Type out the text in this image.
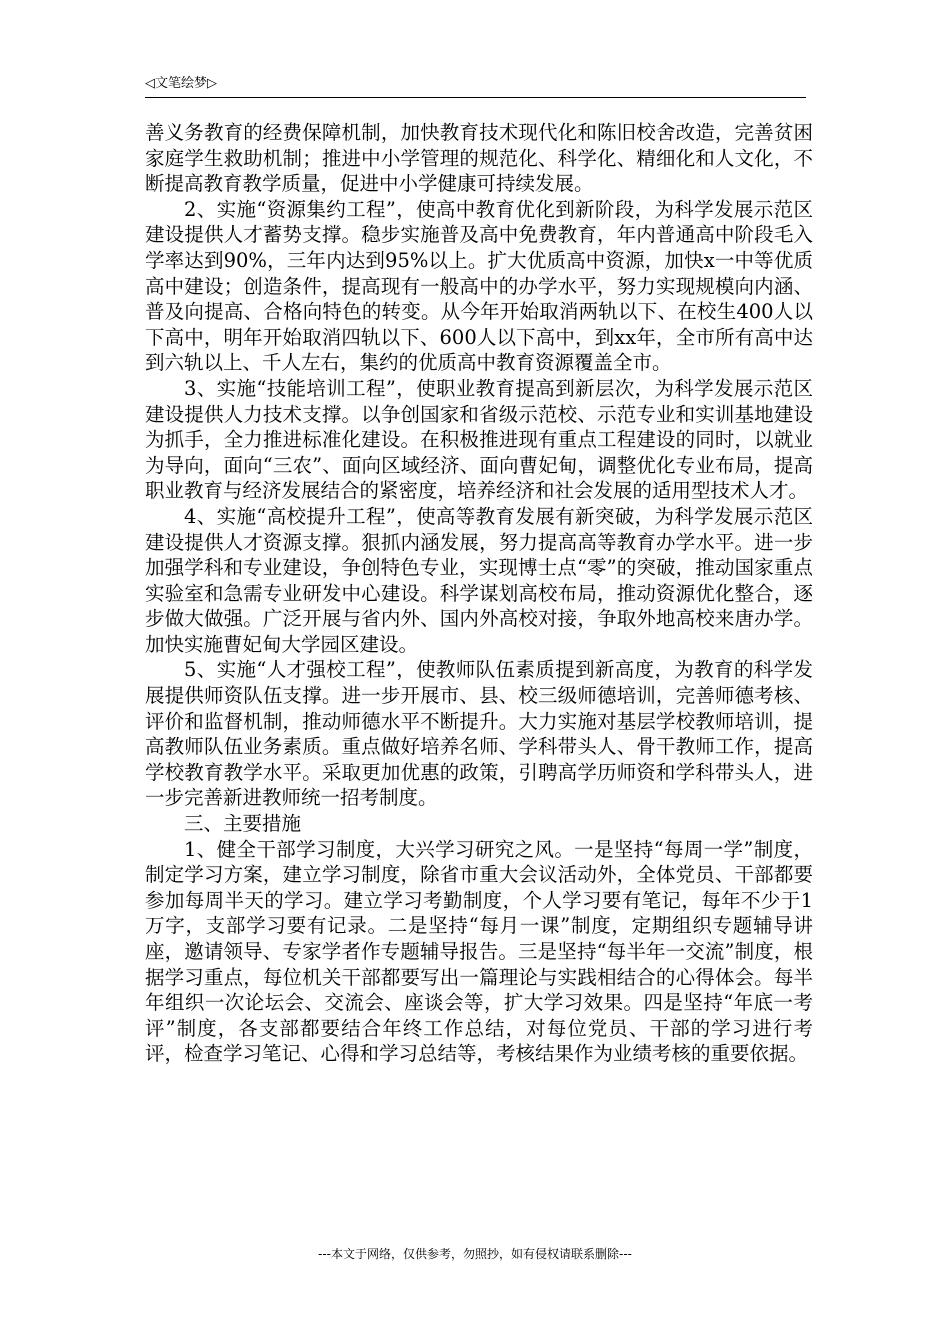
◁文笔绘梦▷

善义务教育的经费保障机制，加快教育技术现代化和陈旧校舍改造，完善贫困家庭学生救助机制；推进中小学管理的规范化、科学化、精细化和人文化，不断提高教育教学质量，促进中小学健康可持续发展。

2、实施“资源集约工程”，使高中教育优化到新阶段，为科学发展示范区建设提供人才蓄势支撑。稳步实施普及高中免费教育，年内普通高中阶段毛入学率达到90%，三年内达到95%以上。扩大优质高中资源，加快x一中等优质高中建设；创造条件，提高现有一般高中的办学水平，努力实现规模向内涵、普及向提高、合格向特色的转变。从今年开始取消两轨以下、在校生400人以下高中，明年开始取消四轨以下、600人以下高中，到xx年，全市所有高中达到六轨以上、千人左右，集约的优质高中教育资源覆盖全市。

3、实施“技能培训工程”，使职业教育提高到新层次，为科学发展示范区建设提供人力技术支撑。以争创国家和省级示范校、示范专业和实训基地建设为抓手，全力推进标准化建设。在积极推进现有重点工程建设的同时，以就业为导向，面向“三农”、面向区域经济、面向曹妃甸，调整优化专业布局，提高职业教育与经济发展结合的紧密度，培养经济和社会发展的适用型技术人才。

4、实施“高校提升工程”，使高等教育发展有新突破，为科学发展示范区建设提供人才资源支撑。狠抓内涵发展，努力提高高等教育办学水平。进一步加强学科和专业建设，争创特色专业，实现博士点“零”的突破，推动国家重点实验室和急需专业研发中心建设。科学谋划高校布局，推动资源优化整合，逐步做大做强。广泛开展与省内外、国内外高校对接，争取外地高校来唐办学。加快实施曹妃甸大学园区建设。

5、实施“人才强校工程”，使教师队伍素质提到新高度，为教育的科学发展提供师资队伍支撑。进一步开展市、县、校三级师德培训，完善师德考核、评价和监督机制，推动师德水平不断提升。大力实施对基层学校教师培训，提高教师队伍业务素质。重点做好培养名师、学科带头人、骨干教师工作，提高学校教育教学水平。采取更加优惠的政策，引聘高学历师资和学科带头人，进一步完善新进教师统一招考制度。

三、主要措施

1、健全干部学习制度，大兴学习研究之风。一是坚持“每周一学”制度，制定学习方案，建立学习制度，除省市重大会议活动外，全体党员、干部都要参加每周半天的学习。建立学习考勤制度，个人学习要有笔记，每年不少于1万字，支部学习要有记录。二是坚持“每月一课”制度，定期组织专题辅导讲座，邀请领导、专家学者作专题辅导报告。三是坚持“每半年一交流”制度，根据学习重点，每位机关干部都要写出一篇理论与实践相结合的心得体会。每半年组织一次论坛会、交流会、座谈会等，扩大学习效果。四是坚持“年底一考评”制度，各支部都要结合年终工作总结，对每位党员、干部的学习进行考评，检查学习笔记、心得和学习总结等，考核结果作为业绩考核的重要依据。

---本文于网络，仅供参考，勿照抄，如有侵权请联系删除---
